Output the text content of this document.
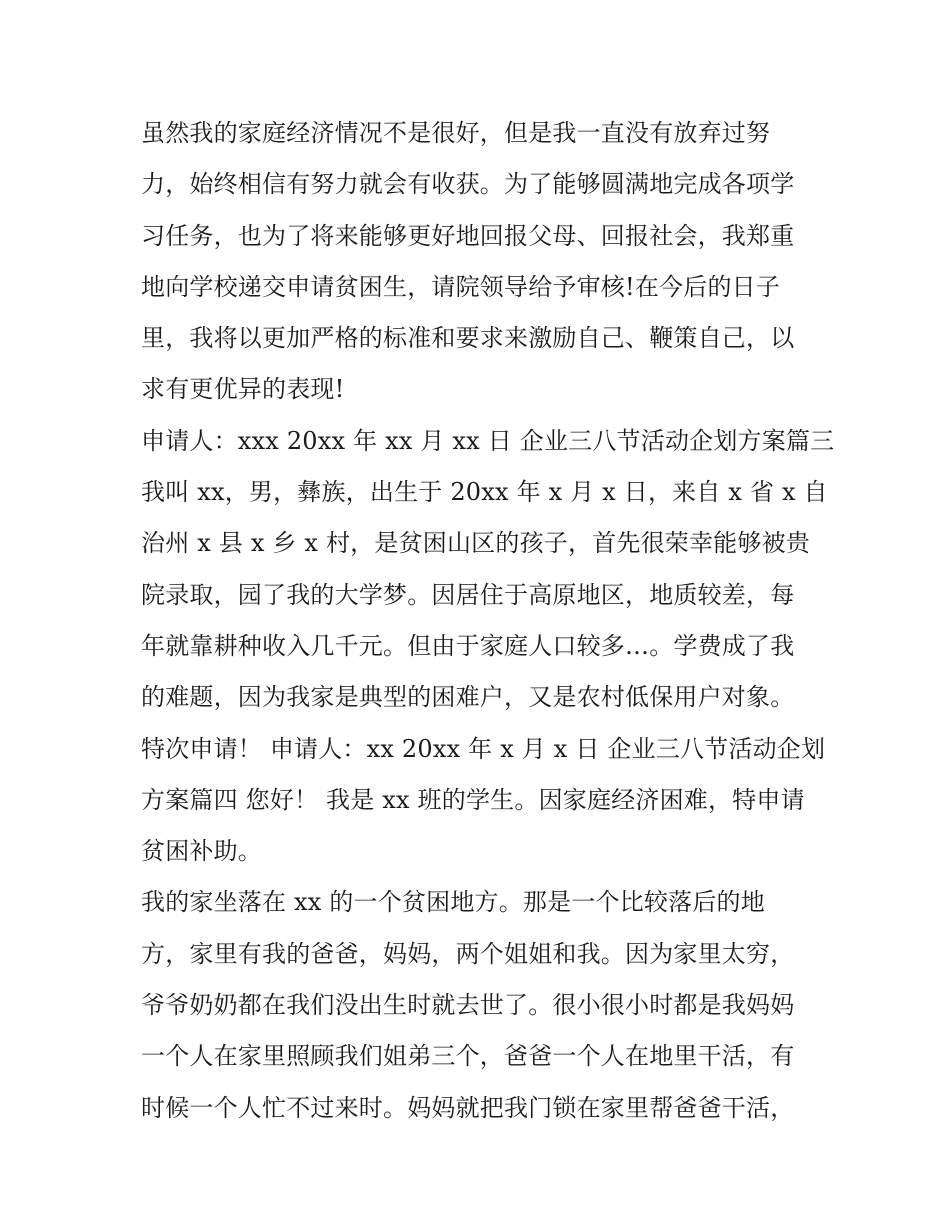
虽然我的家庭经济情况不是很好，但是我一直没有放弃过努
力，始终相信有努力就会有收获。为了能够圆满地完成各项学
习任务，也为了将来能够更好地回报父母、回报社会，我郑重
地向学校递交申请贫困生，请院领导给予审核!在今后的日子
里，我将以更加严格的标准和要求来激励自己、鞭策自己，以
求有更优异的表现!
申请人：xxx 20xx 年 xx 月 xx 日 企业三八节活动企划方案篇三
我叫 xx，男，彝族，出生于 20xx 年 x 月 x 日，来自 x 省 x 自
治州 x 县 x 乡 x 村，是贫困山区的孩子，首先很荣幸能够被贵
院录取，园了我的大学梦。因居住于高原地区，地质较差，每
年就靠耕种收入几千元。但由于家庭人口较多…。学费成了我
的难题，因为我家是典型的困难户，又是农村低保用户对象。
特次申请！ 申请人：xx 20xx 年 x 月 x 日 企业三八节活动企划
方案篇四 您好！ 我是 xx 班的学生。因家庭经济困难，特申请
贫困补助。
我的家坐落在 xx 的一个贫困地方。那是一个比较落后的地
方，家里有我的爸爸，妈妈，两个姐姐和我。因为家里太穷，
爷爷奶奶都在我们没出生时就去世了。很小很小时都是我妈妈
一个人在家里照顾我们姐弟三个，爸爸一个人在地里干活，有
时候一个人忙不过来时。妈妈就把我门锁在家里帮爸爸干活，
